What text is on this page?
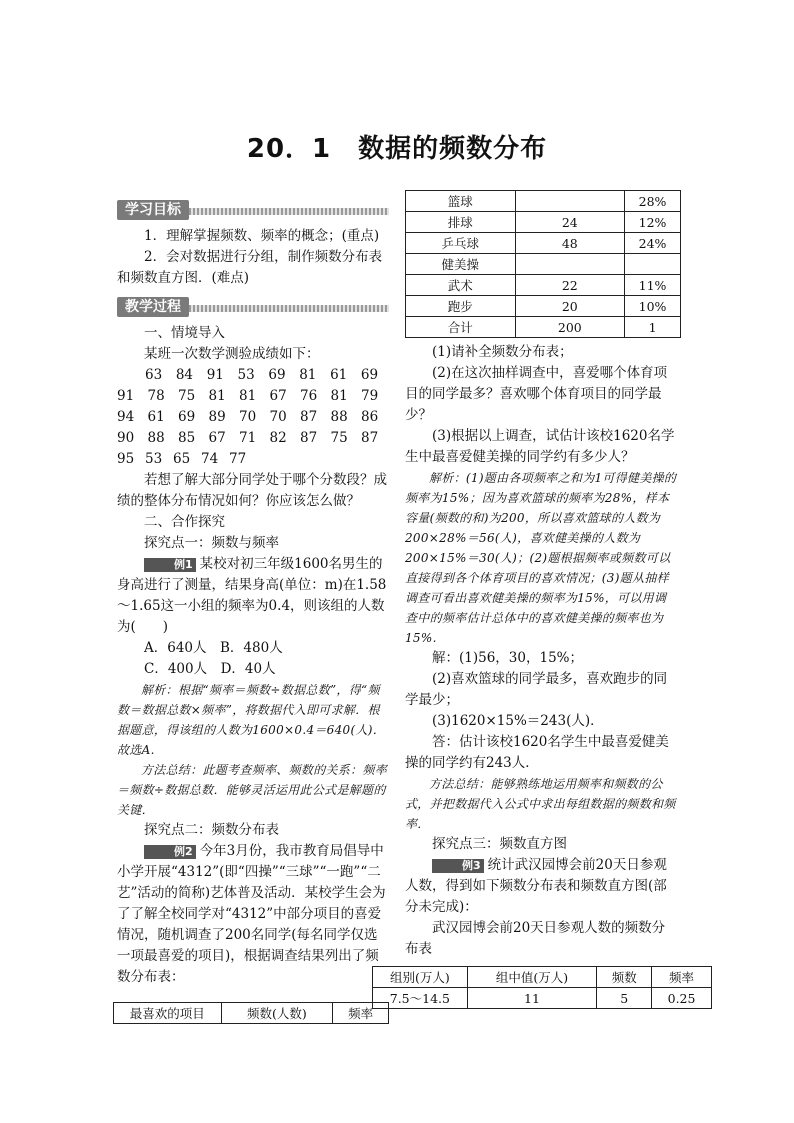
20．1　数据的频数分布
篮球		28%
排球	24	12%
乒乓球	48	24%
健美操		
武术	22	11%
跑步	20	10%
合计	200	1
学习目标

1．理解掌握频数、频率的概念；(重点)

2．会对数据进行分组，制作频数分布表和频数直方图．(难点)

教学过程

一、情境导入

某班一次数学测验成绩如下：

63	84	91	53	69	81	61	69
91 78 75 81 81 67 76 81 79
94 61 69 89 70 70 87 88 86
90 88 85 67 71 82 87 75 87
95 53 65 74 77

若想了解大部分同学处于哪个分数段？成绩的整体分布情况如何？你应该怎么做？

二、合作探究

探究点一：频数与频率

例1 某校对初三年级1600名男生的身高进行了测量，结果身高(单位：m)在1.58～1.65这一小组的频率为0.4，则该组的人数为(　　)

A．640人　B．480人

C．400人　D．40人

解析：根据“频率＝频数÷数据总数”，得“频数＝数据总数×频率”，将数据代入即可求解．根据题意，得该组的人数为1600×0.4＝640(人)．故选A.

方法总结：此题考查频率、频数的关系：频率＝频数÷数据总数．能够灵活运用此公式是解题的关键．

探究点二：频数分布表

例2 今年3月份，我市教育局倡导中小学开展“4312”(即“四操”“三球”“一跑”“二艺”活动的简称)艺体普及活动．某校学生会为了了解全校同学对“4312”中部分项目的喜爱情况，随机调查了200名同学(每名同学仅选一项最喜爱的项目)，根据调查结果列出了频数分布表：

最喜欢的项目	频数(人数)	频率

(1)请补全频数分布表；

(2)在这次抽样调查中，喜爱哪个体育项目的同学最多？喜欢哪个体育项目的同学最少？

(3)根据以上调查，试估计该校1620名学生中最喜爱健美操的同学约有多少人？

解析：(1)题由各项频率之和为1可得健美操的频率为15%；因为喜欢篮球的频率为28%，样本容量(频数的和)为200，所以喜欢篮球的人数为200×28%＝56(人)，喜欢健美操的人数为200×15%＝30(人)；(2)题根据频率或频数可以直接得到各个体育项目的喜欢情况；(3)题从抽样调查可看出喜欢健美操的频率为15%，可以用调查中的频率估计总体中的喜欢健美操的频率也为15%.

解：(1)56，30，15%；

(2)喜欢篮球的同学最多，喜欢跑步的同学最少；

(3)1620×15%＝243(人)．

答：估计该校1620名学生中最喜爱健美操的同学约有243人．

方法总结：能够熟练地运用频率和频数的公式，并把数据代入公式中求出每组数据的频数和频率．

探究点三：频数直方图

例3 统计武汉园博会前20天日参观人数，得到如下频数分布表和频数直方图(部分未完成)：

武汉园博会前20天日参观人数的频数分布表

组别(万人)	组中值(万人)	频数	频率
7.5～14.5	11	5	0.25
